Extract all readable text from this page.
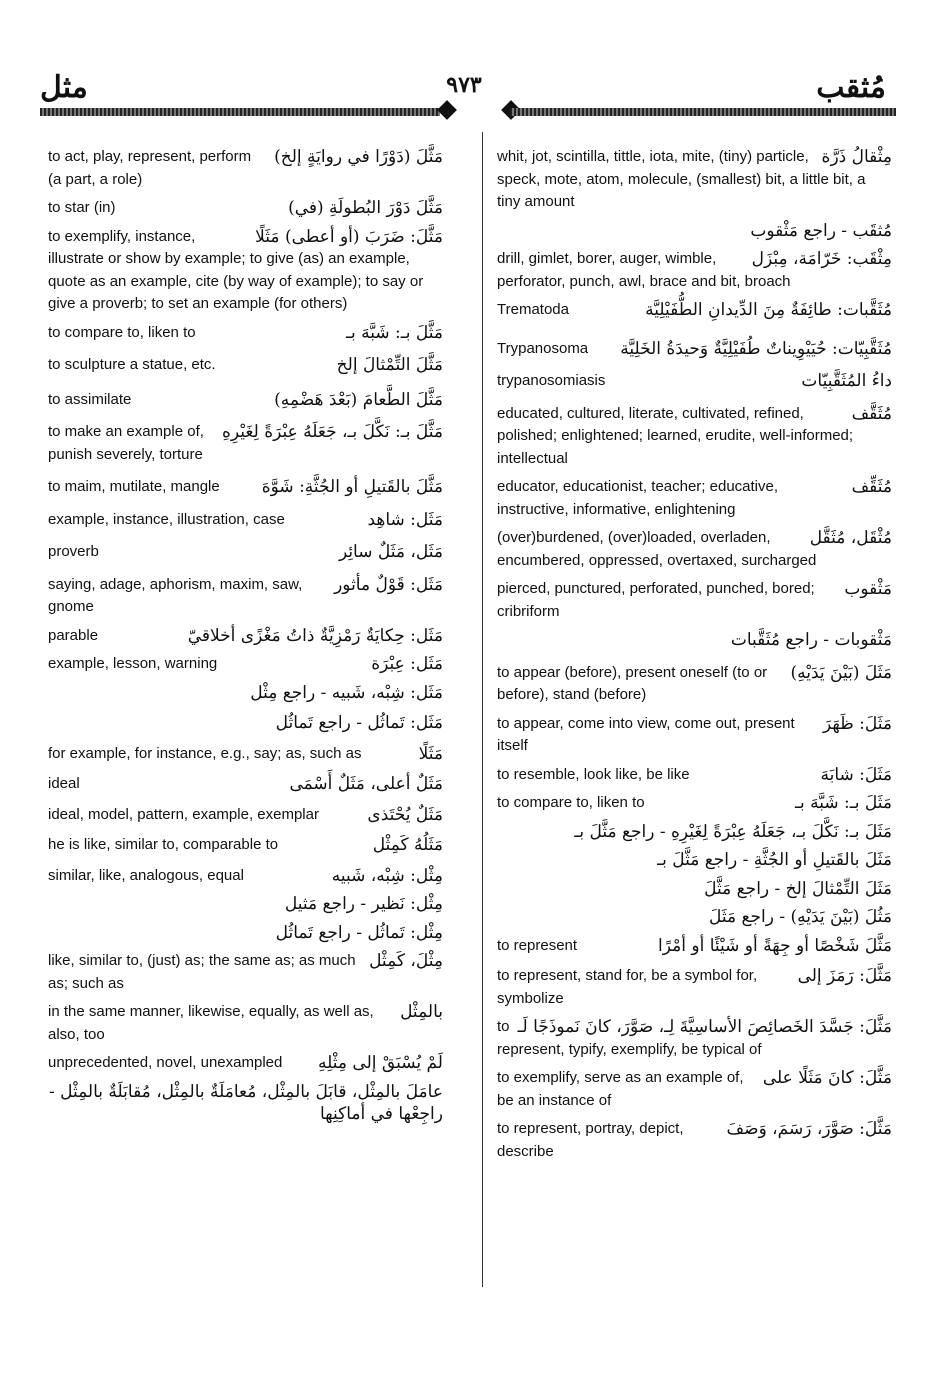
مثل	٩٧٣	مُثقب
مَثَّلَ (دَوْرًا في روايَةٍ إلخ)
to act, play, represent, perform (a part, a role)
مَثَّلَ دَوْرَ البُطولَةِ (في)
to star (in)
مَثَّلَ: ضَرَبَ (أو أعطى) مَثَلًا
to exemplify, instance, illustrate or show by example; to give (as) an example, quote as an example, cite (by way of example); to say or give a proverb; to set an example (for others)
مَثَّلَ بـ: شَبَّهَ بـ
to compare to, liken to
مَثَّلَ التِّمْثالَ إلخ
to sculpture a statue, etc.
مَثَّلَ الطَّعامَ (بَعْدَ هَضْمِهِ)
to assimilate
مَثَّلَ بـ: نَكَّلَ بـ، جَعَلَهُ عِبْرَةً لِغَيْرِهِ
to make an example of, punish severely, torture
مَثَّلَ بالقَتيلِ أو الجُثَّةِ: شَوَّهَ
to maim, mutilate, mangle
مَثَل: شاهِد
example, instance, illustration, case
مَثَل، مَثَلٌ سائِر
proverb
مَثَل: قَوْلٌ مأثور
saying, adage, aphorism, maxim, saw, gnome
مَثَل: حِكايَةٌ رَمْزِيَّةٌ ذاتُ مَغْزًى أخلاقيّ
parable
مَثَل: عِبْرَة
example, lesson, warning
مَثَل: شِبْه، شَبيه - راجع مِثْل
مَثَل: تَماثُل - راجع تَماثُل
مَثَلًا
for example, for instance, e.g., say; as, such as
مَثَلٌ أعلى، مَثَلٌ أَسْمَى
ideal
مَثَلٌ يُحْتَذى
ideal, model, pattern, example, exemplar
مَثَلُهُ كَمِثْل
he is like, similar to, comparable to
مِثْل: شِبْه، شَبيه
similar, like, analogous, equal
مِثْل: نَظير - راجع مَثيل
مِثْل: تَماثُل - راجع تَماثُل
مِثْلَ، كَمِثْل
like, similar to, (just) as; the same as; as much as; such as
بالمِثْل
in the same manner, likewise, equally, as well as, also, too
لَمْ يُسْبَقْ إلى مِثْلِهِ
unprecedented, novel, unexampled
عامَلَ بالمِثْل، قابَلَ بالمِثْل، مُعامَلَةٌ بالمِثْل، مُقابَلَةٌ بالمِثْل - راجِعْها في أماكِنِها
مِثْقالُ ذَرَّة
whit, jot, scintilla, tittle, iota, mite, (tiny) particle, speck, mote, atom, molecule, (smallest) bit, a little bit, a tiny amount
مُثقَب - راجع مَثْقوب
مِثْقَب: خَرّامَة، مِبْزَل
drill, gimlet, borer, auger, wimble, perforator, punch, awl, brace and bit, broach
مُثَقَّبات: طائِفَةٌ مِنَ الدِّيدانِ الطُّفَيْلِيَّة
Trematoda
مُثَقَّبِيّات: حُيَيْوِيناتٌ طُفَيْلِيَّةٌ وَحيدَةُ الخَلِيَّة
Trypanosoma
داءُ المُثَقَّبِيّات
trypanosomiasis
مُثَقَّف
educated, cultured, literate, cultivated, refined, polished; enlightened; learned, erudite, well-informed; intellectual
مُثَقِّف
educator, educationist, teacher; educative, instructive, informative, enlightening
مُثْقَل، مُثَقَّل
(over)burdened, (over)loaded, overladen, encumbered, oppressed, overtaxed, surcharged
مَثْقوب
pierced, punctured, perforated, punched, bored; cribriform
مَثْقوبات - راجع مُثَقَّبات
مَثَلَ (بَيْنَ يَدَيْهِ)
to appear (before), present oneself (to or before), stand (before)
مَثَلَ: ظَهَرَ
to appear, come into view, come out, present itself
مَثَلَ: شابَهَ
to resemble, look like, be like
مَثَلَ بـ: شَبَّهَ بـ
to compare to, liken to
مَثَلَ بـ: نَكَّلَ بـ، جَعَلَهُ عِبْرَةً لِغَيْرِهِ - راجع مَثَّلَ بـ
مَثَلَ بالقَتيلِ أو الجُثَّةِ - راجع مَثَّلَ بـ
مَثَلَ التِّمْثالَ إلخ - راجع مَثَّلَ
مَثُلَ (بَيْنَ يَدَيْهِ) - راجع مَثَلَ
مَثَّلَ شَخْصًا أو جِهَةً أو شَيْئًا أو أمْرًا
to represent
مَثَّلَ: رَمَزَ إلى
to represent, stand for, be a symbol for, symbolize
مَثَّلَ: جَسَّدَ الخَصائِصَ الأساسِيَّةَ لِـ، صَوَّرَ، كانَ نَموذَجًا لَـ
to represent, typify, exemplify, be typical of
مَثَّلَ: كانَ مَثَلًا على
to exemplify, serve as an example of, be an instance of
مَثَّلَ: صَوَّرَ، رَسَمَ، وَصَفَ
to represent, portray, depict, describe
